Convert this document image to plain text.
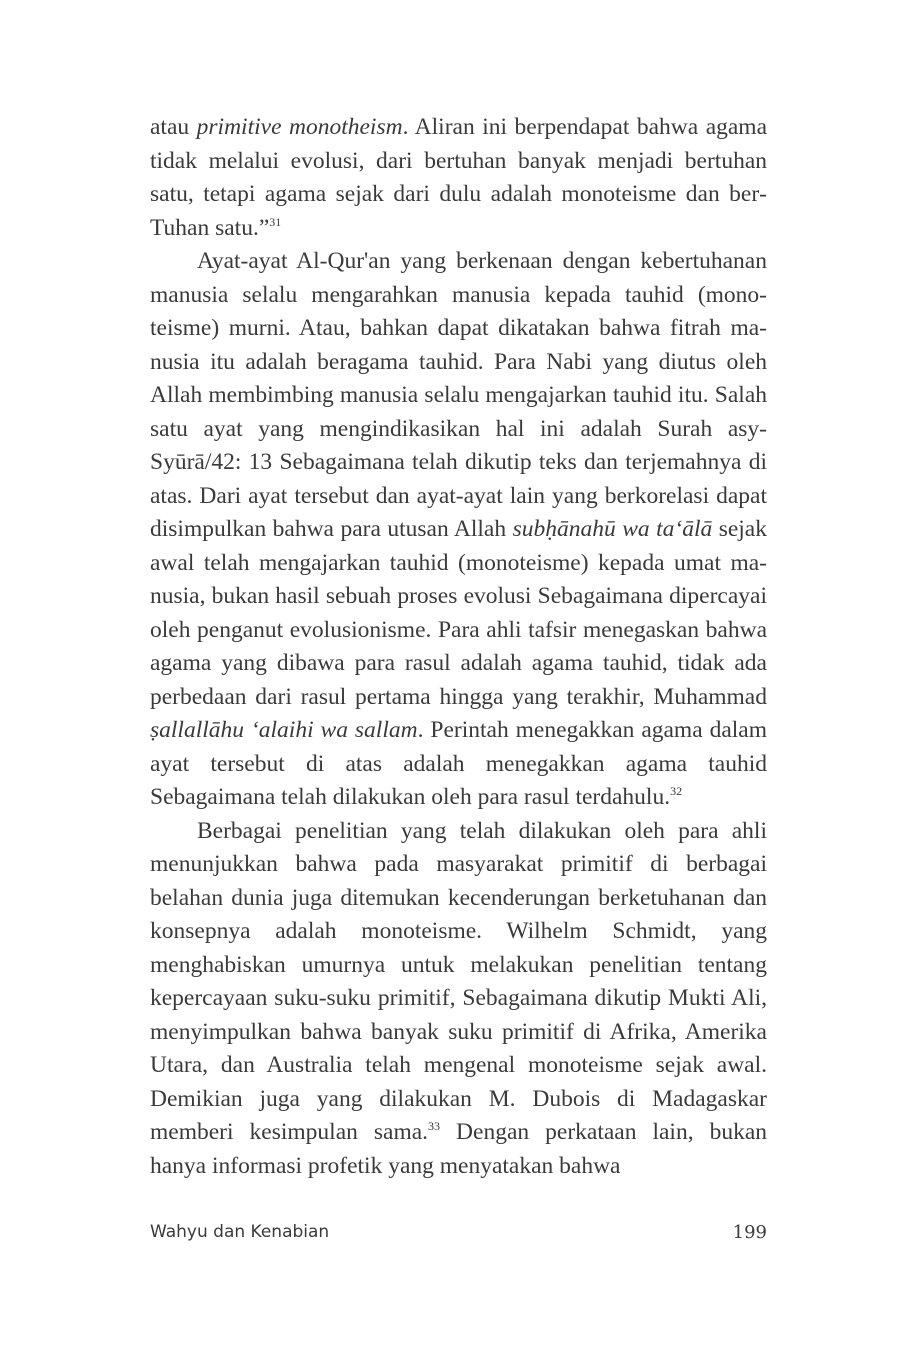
atau primitive monotheism. Aliran ini berpendapat bahwa agama tidak melalui evolusi, dari bertuhan banyak menjadi bertuhan satu, tetapi agama sejak dari dulu adalah monoteisme dan berTuhan satu.”$^{31}$

Ayat-ayat Al-Qur'an yang berkenaan dengan kebertuhanan manusia selalu mengarahkan manusia kepada tauhid (monoteisme) murni. Atau, bahkan dapat dikatakan bahwa fitrah manusia itu adalah beragama tauhid. Para Nabi yang diutus oleh Allah membimbing manusia selalu mengajarkan tauhid itu. Salah satu ayat yang mengindikasikan hal ini adalah Surah asy-Syūrā/42: 13 Sebagaimana telah dikutip teks dan terjemahnya di atas. Dari ayat tersebut dan ayat-ayat lain yang berkorelasi dapat disimpulkan bahwa para utusan Allah subḥānahū wa ta‘ālā sejak awal telah mengajarkan tauhid (monoteisme) kepada umat manusia, bukan hasil sebuah proses evolusi Sebagaimana dipercayai oleh penganut evolusionisme. Para ahli tafsir menegaskan bahwa agama yang dibawa para rasul adalah agama tauhid, tidak ada perbedaan dari rasul pertama hingga yang terakhir, Muhammad ṣallallāhu ‘alaihi wa sallam. Perintah menegakkan agama dalam ayat tersebut di atas adalah menegakkan agama tauhid Sebagaimana telah dilakukan oleh para rasul terdahulu.$^{32}$

Berbagai penelitian yang telah dilakukan oleh para ahli menunjukkan bahwa pada masyarakat primitif di berbagai belahan dunia juga ditemukan kecenderungan berketuhanan dan konsepnya adalah monoteisme. Wilhelm Schmidt, yang menghabiskan umurnya untuk melakukan penelitian tentang kepercayaan suku-suku primitif, Sebagaimana dikutip Mukti Ali, menyimpulkan bahwa banyak suku primitif di Afrika, Amerika Utara, dan Australia telah mengenal monoteisme sejak awal. Demikian juga yang dilakukan M. Dubois di Madagaskar memberi kesimpulan sama.$^{33}$ Dengan perkataan lain, bukan hanya informasi profetik yang menyatakan bahwa

Wahyu dan Kenabian	199
